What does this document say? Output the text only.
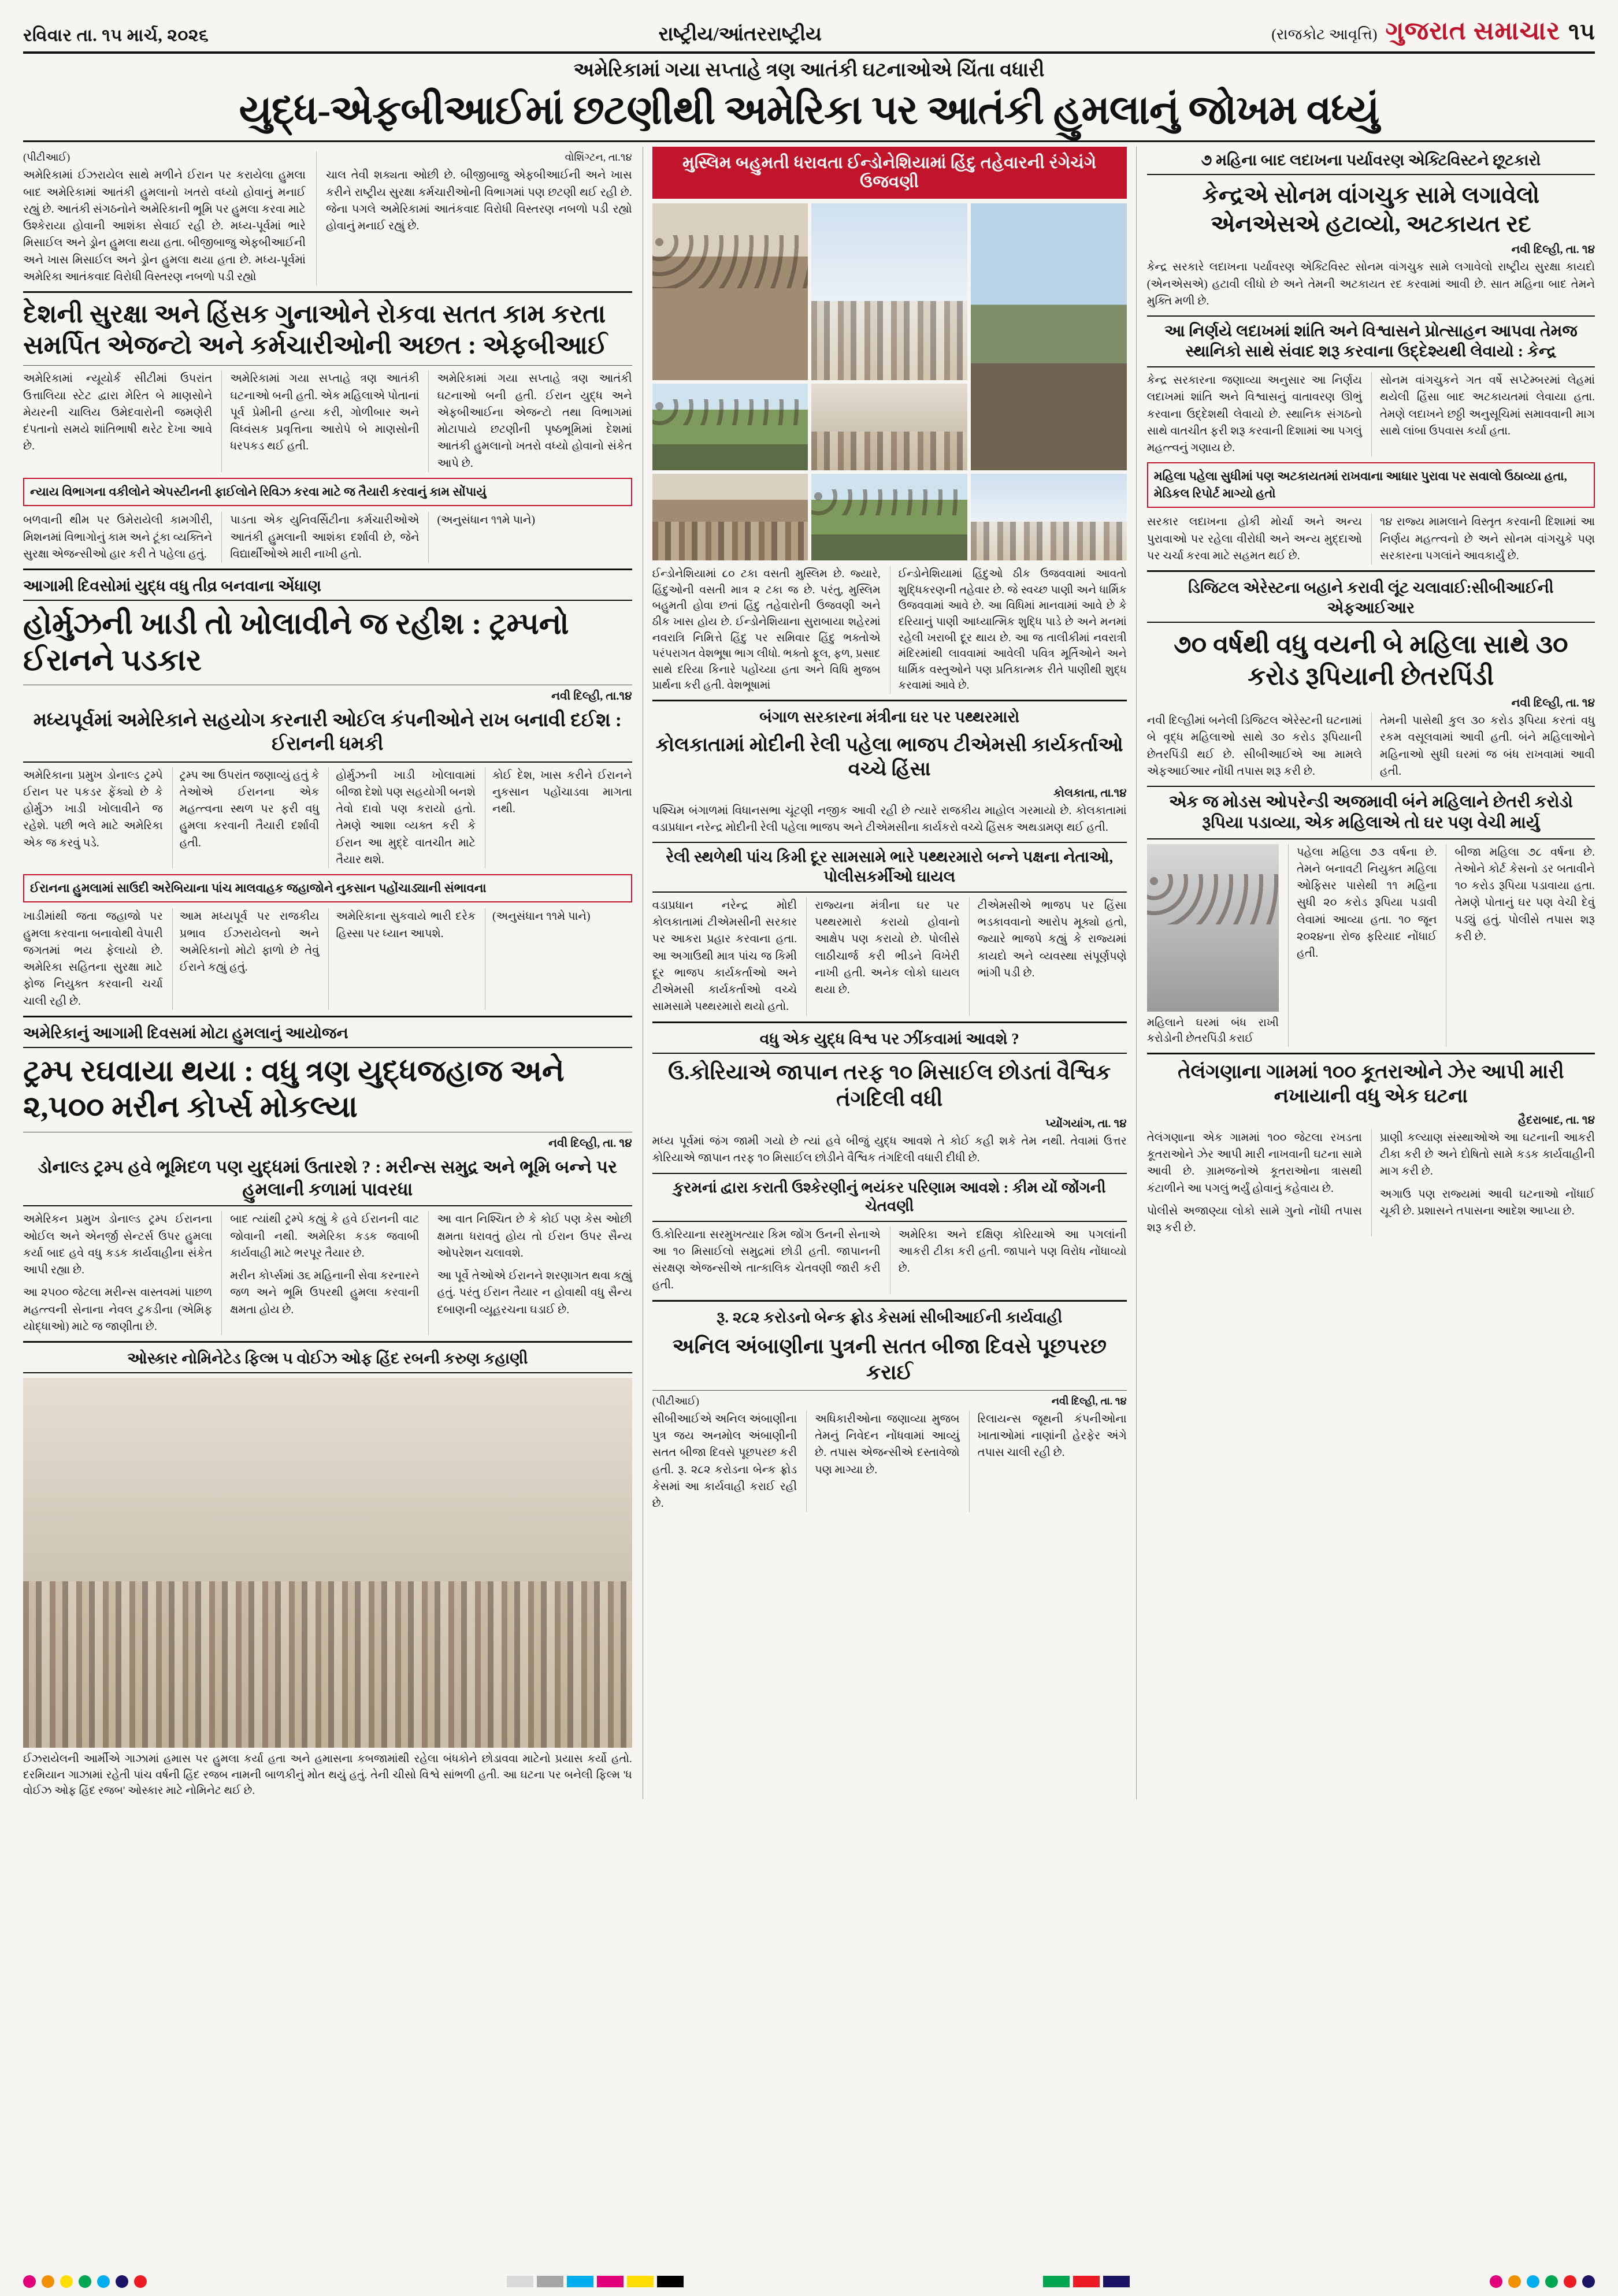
રવિવાર તા. ૧૫ માર્ચ, ૨૦૨૬	રાષ્ટ્રીય/આંતરરાષ્ટ્રીય	(રાજકોટ આવૃત્તિ) ગુજરાત સમાચાર ૧૫
અમેરિકામાં ગયા સપ્તાહે ત્રણ આતંકી ઘટનાઓએ ચિંતા વધારી
યુદ્ધ-એફબીઆઈમાં છટણીથી અમેરિકા પર આતંકી હુમલાનું જોખમ વધ્યું
(પીટીઆઈ)
અમેરિકામાં ઈઝરાયેલ સાથે મળીને ઈરાન પર કરાયેલા હુમલા બાદ અમેરિકામાં આતંકી હુમલાનો ખતરો વધ્યો હોવાનું મનાઈ રહ્યું છે. આતંકી સંગઠનોને અમેરિકાની ભૂમિ પર હુમલા કરવા માટે ઉશ્કેરાયા હોવાની આશંકા સેવાઈ રહી છે. મધ્ય-પૂર્વમાં ભારે મિસાઈલ અને ડ્રોન હુમલા થયા હતા. બીજીબાજુ એફબીઆઈની અને ખાસ મિસાઈલ અને ડ્રોન હુમલા થયા હતા છે. મધ્ય-પૂર્વમાં અમેરિકા આતંકવાદ વિરોધી વિસ્તરણ નબળો પડી રહ્યો
વોશિંગ્ટન, તા.૧૪
ચાલ તેવી શક્યતા ઓછી છે. બીજીબાજુ એફબીઆઈની અને ખાસ કરીને રાષ્ટ્રીય સુરક્ષા કર્મચારીઓની વિભાગમાં પણ છટણી થઈ રહી છે. જેના પગલે અમેરિકામાં આતંકવાદ વિરોધી વિસ્તરણ નબળો પડી રહ્યો હોવાનું મનાઈ રહ્યું છે.
દેશની સુરક્ષા અને હિંસક ગુનાઓને રોકવા સતત કામ કરતા સમર્પિત એજન્ટો અને કર્મચારીઓની અછત : એફબીઆઈ
અમેરિકામાં ન્યૂયોર્ક સીટીમાં ઉપરાંત ઉત્તાલિયા સ્ટેટ દ્વારા મેરિત બે માણસોને મેયરની ચાલિય ઉમેદવારોની જમણેરી દંપતાનો સમયે શાંતિભાષી થરેટ દેખા આવે છે.
અમેરિકામાં ગયા સપ્તાહે ત્રણ આતંકી ઘટનાઓ બની હતી. એક મહિલાએ પોતાનાં પૂર્વ પ્રેમીની હત્યા કરી, ગોળીબાર અને વિધ્વંસક પ્રવૃત્તિના આરોપે બે માણસોની ધરપકડ થઈ હતી.
અમેરિકામાં ગયા સપ્તાહે ત્રણ આતંકી ઘટનાઓ બની હતી. ઈરાન યુદ્ધ અને એફબીઆઈના એજન્ટો તથા વિભાગમાં મોટાપાયે છટણીની પૃષ્ઠભૂમિમાં દેશમાં આતંકી હુમલાનો ખતરો વધ્યો હોવાનો સંકેત આપે છે.
ન્યાય વિભાગના વકીલોને એપસ્ટીનની ફાઈલોને રિવિઝ કરવા માટે જ તૈયારી કરવાનું કામ સોંપાયું
બળવાની થીમ પર ઉમેરાયેલી કામગીરી, મિશનમાં વિભાગોનું કામ અને ટૂંકા વ્યક્તિને સુરક્ષા એજન્સીઓ હાર કરી તે પહેલા હતું.
પાડતા એક યુનિવર્સિટીના કર્મચારીઓએ આતંકી હુમલાની આશંકા દર્શાવી છે, જેને વિદ્યાર્થીઓએ મારી નાખી હતો.
(અનુસંધાન ૧૧મે પાને)
આગામી દિવસોમાં યુદ્ધ વધુ તીવ્ર બનવાના એંધાણ
હોર્મુઝની ખાડી તો ખોલાવીને જ રહીશ : ટ્રમ્પનો ઈરાનને પડકાર
નવી દિલ્હી, તા.૧૪
મધ્યપૂર્વમાં અમેરિકાને સહયોગ કરનારી ઓઈલ કંપનીઓને રાખ બનાવી દઈશ : ઈરાનની ધમકી
અમેરિકાના પ્રમુખ ડોનાલ્ડ ટ્રમ્પે ઈરાન પર પકડર ફેંક્યો છે કે હોર્મુઝ ખાડી ખોલાવીને જ રહેશે. પછી ભલે માટે અમેરિકા એક જ કરવું પડે.
ટ્રમ્પ આ ઉપરાંત જણાવ્યું હતું કે તેઓએ ઈરાનના એક મહત્ત્વના સ્થળ પર ફરી વધુ હુમલા કરવાની તૈયારી દર્શાવી હતી.
હોર્મુઝની ખાડી ખોલાવામાં બીજા દેશો પણ સહયોગી બનશે તેવો દાવો પણ કરાયો હતો. તેમણે આશા વ્યક્ત કરી કે ઈરાન આ મુદ્દે વાતચીત માટે તૈયાર થશે.
કોઈ દેશ, ખાસ કરીને ઈરાનને નુકસાન પહોંચાડવા માગતા નથી.
ઈરાનના હુમલામાં સાઉદી અરેબિયાના પાંચ માલવાહક જહાજોને નુકસાન પહોંચાડ્યાની સંભાવના
ખાડીમાંથી જતા જહાજો પર હુમલા કરવાના બનાવોથી વેપારી જગતમાં ભય ફેલાયો છે. અમેરિકા સહિતના સુરક્ષા માટે ફોજ નિયુક્ત કરવાની ચર્ચા ચાલી રહી છે.
આમ મધ્યપૂર્વ પર રાજકીય પ્રભાવ ઈઝરાયેલનો અને અમેરિકાનો મોટો ફાળો છે તેવું ઈરાને કહ્યું હતું.
અમેરિકાના સુકવાયે ભારી દરેક હિસ્સા પર ધ્યાન આપશે.
(અનુસંધાન ૧૧મે પાને)
અમેરિકાનું આગામી દિવસમાં મોટા હુમલાનું આયોજન
ટ્રમ્પ રઘવાયા થયા : વધુ ત્રણ યુદ્ધજહાજ અને ૨,૫૦૦ મરીન કોર્પ્સ મોકલ્યા
નવી દિલ્હી, તા. ૧૪
ડોનાલ્ડ ટ્રમ્પ હવે ભૂમિદળ પણ યુદ્ધમાં ઉતારશે ? : મરીન્સ સમુદ્ર અને ભૂમિ બન્ને પર હુમલાની કળામાં પાવરધા
અમેરિકન પ્રમુખ ડોનાલ્ડ ટ્રમ્પ ઈરાનના ઓઈલ અને એનર્જી સેન્ટર્સ ઉપર હુમલા કર્યા બાદ હવે વધુ કડક કાર્યવાહીના સંકેત આપી રહ્યા છે.
આ ૨૫૦૦ જેટલા મરીન્સ વાસ્તવમાં પાછળ મહત્ત્વની સેનાના નેવલ ટુકડીના (એમિફ યોદ્ધાઓ) માટે જ જાણીતા છે.
બાદ ત્યાંથી ટ્રમ્પે કહ્યું કે હવે ઈરાનની વાટ જોવાની નથી. અમેરિકા કડક જવાબી કાર્યવાહી માટે ભરપૂર તૈયાર છે.
મરીન કોર્પ્સમાં ૩૬ મહિનાની સેવા કરનારને જળ અને ભૂમિ ઉપરથી હુમલા કરવાની ક્ષમતા હોય છે.
આ વાત નિશ્ચિત છે કે કોઈ પણ કેસ ઓછી ક્ષમતા ધરાવતું હોય તો ઈરાન ઉપર સૈન્ય ઓપરેશન ચલાવશે.
આ પૂર્વે તેઓએ ઈરાનને શરણાગત થવા કહ્યું હતું. પરંતુ ઈરાન તૈયાર ન હોવાથી વધુ સૈન્ય દબાણની વ્યૂહરચના ઘડાઈ છે.
ઓસ્કાર નોમિનેટેડ ફિલ્મ ૫ વોઈઝ ઓફ હિંદ રબની કરુણ કહાણી
ઈઝરાયેલની આર્મીએ ગાઝામાં હમાસ પર હુમલા કર્યા હતા અને હમાસના કબજામાંથી રહેલા બંધકોને છોડાવવા માટેનો પ્રયાસ કર્યો હતો. દરમિયાન ગાઝામાં રહેતી પાંચ વર્ષની હિંદ રજબ નામની બાળકીનું મોત થયું હતું. તેની ચીસો વિશ્વે સાંભળી હતી. આ ઘટના પર બનેલી ફિલ્મ 'ધ વોઈઝ ઓફ હિંદ રજબ' ઓસ્કાર માટે નોમિનેટ થઈ છે.
મુસ્લિમ બહુમતી ધરાવતા ઈન્ડોનેશિયામાં હિંદુ તહેવારની રંગેચંગે ઉજવણી
ઈન્ડોનેશિયામાં ૮૦ ટકા વસતી મુસ્લિમ છે. જ્યારે, હિંદુઓની વસતી માત્ર ૨ ટકા જ છે. પરંતુ, મુસ્લિમ બહુમતી હોવા છતાં હિંદુ તહેવારોની ઉજવણી અને ઠીક ખાસ હોય છે. ઈન્ડોનેશિયાના સુરાબાયા શહેરમાં નવરાત્રિ નિમિત્તે હિંદુ પર સમિવાર હિંદુ ભક્તોએ પરંપરાગત વેશભૂષા ભાગ લીધો. ભક્તો ફૂલ, ફળ, પ્રસાદ સાથે દરિયા કિનારે પહોંચ્યા હતા અને વિધિ મુજબ પ્રાર્થના કરી હતી. વેશભૂષામાં
ઈન્ડોનેશિયામાં હિંદુઓ ઠીક ઉજવવામાં આવતો શુદ્ધિકરણની તહેવાર છે. જે સ્વચ્છ પાણી અને ધાર્મિક ઉજવવામાં આવે છે. આ વિધિમાં માનવામાં આવે છે કે દરિયાનું પાણી આધ્યાત્મિક શુદ્ધિ પાડે છે અને મનમાં રહેલી ખરાબી દૂર થાય છે. આ જ તાલીકીમાં નવરાત્રી મંદિરમાંથી લાવવામાં આવેલી પવિત્ર મૂર્તિઓને અને ધાર્મિક વસ્તુઓને પણ પ્રતિકાત્મક રીતે પાણીથી શુદ્ધ કરવામાં આવે છે.
બંગાળ સરકારના મંત્રીના ઘર પર પથ્થરમારો
કોલકાતામાં મોદીની રેલી પહેલા ભાજપ ટીએમસી કાર્યકર્તાઓ વચ્ચે હિંસા
કોલકાતા, તા.૧૪
પશ્ચિમ બંગાળમાં વિધાનસભા ચૂંટણી નજીક આવી રહી છે ત્યારે રાજકીય માહોલ ગરમાયો છે. કોલકાતામાં વડાપ્રધાન નરેન્દ્ર મોદીની રેલી પહેલા ભાજપ અને ટીએમસીના કાર્યકરો વચ્ચે હિંસક અથડામણ થઈ હતી.
રેલી સ્થળેથી પાંચ કિમી દૂર સામસામે ભારે પથ્થરમારો બન્ને પક્ષના નેતાઓ, પોલીસકર્મીઓ ઘાયલ
વડાપ્રધાન નરેન્દ્ર મોદી કોલકાતામાં ટીએમસીની સરકાર પર આકરા પ્રહાર કરવાના હતા. આ અગાઉથી માત્ર પાંચ જ કિમી દૂર ભાજપ કાર્યકર્તાઓ અને ટીએમસી કાર્યકર્તાઓ વચ્ચે સામસામે પથ્થરમારો થયો હતો.
રાજ્યના મંત્રીના ઘર પર પથ્થરમારો કરાયો હોવાનો આક્ષેપ પણ કરાયો છે. પોલીસે લાઠીચાર્જ કરી ભીડને વિખેરી નાખી હતી. અનેક લોકો ઘાયલ થયા છે.
ટીએમસીએ ભાજપ પર હિંસા ભડકાવવાનો આરોપ મૂક્યો હતો, જ્યારે ભાજપે કહ્યું કે રાજ્યમાં કાયદો અને વ્યવસ્થા સંપૂર્ણપણે ભાંગી પડી છે.
વધુ એક યુદ્ધ વિશ્વ પર ઝીંકવામાં આવશે ?
ઉ.કોરિયાએ જાપાન તરફ ૧૦ મિસાઈલ છોડતાં વૈશ્વિક તંગદિલી વધી
પ્યોંગયાંગ, તા. ૧૪
મધ્ય પૂર્વમાં જંગ જામી ગયો છે ત્યાં હવે બીજું યુદ્ધ આવશે તે કોઈ કહી શકે તેમ નથી. તેવામાં ઉત્તર કોરિયાએ જાપાન તરફ ૧૦ મિસાઈલ છોડીને વૈશ્વિક તંગદિલી વધારી દીધી છે.
કુરમનાં દ્વારા કરાતી ઉશ્કેરણીનું ભયંકર પરિણામ આવશે : કીમ યોં જોંગની ચેતવણી
ઉ.કોરિયાના સરમુખત્યાર કિમ જોંગ ઉનની સેનાએ આ ૧૦ મિસાઈલો સમુદ્રમાં છોડી હતી. જાપાનની સંરક્ષણ એજન્સીએ તાત્કાલિક ચેતવણી જારી કરી હતી.
અમેરિકા અને દક્ષિણ કોરિયાએ આ પગલાંની આકરી ટીકા કરી હતી. જાપાને પણ વિરોધ નોંધાવ્યો છે.
રૂ. ૨૮૨ કરોડનો બેન્ક ફ્રોડ કેસમાં સીબીઆઈની કાર્યવાહી
અનિલ અંબાણીના પુત્રની સતત બીજા દિવસે પૂછપરછ કરાઈ
(પીટીઆઈ)	નવી દિલ્હી, તા. ૧૪
સીબીઆઈએ અનિલ અંબાણીના પુત્ર જય અનમોલ અંબાણીની સતત બીજા દિવસે પૂછપરછ કરી હતી. રૂ. ૨૮૨ કરોડના બેન્ક ફ્રોડ કેસમાં આ કાર્યવાહી કરાઈ રહી છે.
અધિકારીઓના જણાવ્યા મુજબ તેમનું નિવેદન નોંધવામાં આવ્યું છે. તપાસ એજન્સીએ દસ્તાવેજો પણ માગ્યા છે.
રિલાયન્સ જૂથની કંપનીઓના ખાતાઓમાં નાણાંની હેરફેર અંગે તપાસ ચાલી રહી છે.
૭ મહિના બાદ લદાખના પર્યાવરણ એક્ટિવિસ્ટને છૂટકારો
કેન્દ્રએ સોનમ વાંગચુક સામે લગાવેલો એનએસએ હટાવ્યો, અટકાયત રદ
નવી દિલ્હી, તા. ૧૪
કેન્દ્ર સરકારે લદાખના પર્યાવરણ એક્ટિવિસ્ટ સોનમ વાંગચુક સામે લગાવેલો રાષ્ટ્રીય સુરક્ષા કાયદો (એનએસએ) હટાવી લીધો છે અને તેમની અટકાયત રદ કરવામાં આવી છે. સાત મહિના બાદ તેમને મુક્તિ મળી છે.
આ નિર્ણયે લદાખમાં શાંતિ અને વિશ્વાસને પ્રોત્સાહન આપવા તેમજ સ્થાનિકો સાથે સંવાદ શરૂ કરવાના ઉદ્દેશ્યથી લેવાયો : કેન્દ્ર
કેન્દ્ર સરકારના જણાવ્યા અનુસાર આ નિર્ણય લદાખમાં શાંતિ અને વિશ્વાસનું વાતાવરણ ઊભું કરવાના ઉદ્દેશથી લેવાયો છે. સ્થાનિક સંગઠનો સાથે વાતચીત ફરી શરૂ કરવાની દિશામાં આ પગલું મહત્ત્વનું ગણાય છે.
સોનમ વાંગચુકને ગત વર્ષે સપ્ટેમ્બરમાં લેહમાં થયેલી હિંસા બાદ અટકાયતમાં લેવાયા હતા. તેમણે લદાખને છઠ્ઠી અનુસૂચિમાં સમાવવાની માગ સાથે લાંબા ઉપવાસ કર્યા હતા.
મહિલા પહેલા સુધીમાં પણ અટકાયતમાં રાખવાના આધાર પુરાવા પર સવાલો ઉઠાવ્યા હતા, મેડિકલ રિપોર્ટ માગ્યો હતો
સરકાર લદાખના હોકી મોર્ચા અને અન્ય પુરાવાઓ પર રહેલા વીરોધી અને અન્ય મુદ્દાઓ પર ચર્ચા કરવા માટે સહમત થઈ છે.
૧૪ રાજ્ય મામલાને વિસ્તૃત કરવાની દિશામાં આ નિર્ણય મહત્ત્વનો છે અને સોનમ વાંગચુકે પણ સરકારના પગલાંને આવકાર્યું છે.
ડિજિટલ એરેસ્ટના બહાને કરાવી લૂંટ ચલાવાઈ:સીબીઆઈની એફઆઈઆર
૭૦ વર્ષથી વધુ વયની બે મહિલા સાથે ૩૦ કરોડ રૂપિયાની છેતરપિંડી
નવી દિલ્હી, તા. ૧૪
નવી દિલ્હીમાં બનેલી ડિજિટલ એરેસ્ટની ઘટનામાં બે વૃદ્ધ મહિલાઓ સાથે ૩૦ કરોડ રૂપિયાની છેતરપિંડી થઈ છે. સીબીઆઈએ આ મામલે એફઆઈઆર નોંધી તપાસ શરૂ કરી છે.
તેમની પાસેથી કુલ ૩૦ કરોડ રૂપિયા કરતાં વધુ રકમ વસૂલવામાં આવી હતી. બંને મહિલાઓને મહિનાઓ સુધી ઘરમાં જ બંધ રાખવામાં આવી હતી.
એક જ મોડસ ઓપરેન્ડી અજમાવી બંને મહિલાને છેતરી કરોડો રૂપિયા પડાવ્યા, એક મહિલાએ તો ઘર પણ વેચી માર્યુ
મહિલાને ઘરમાં બંધ રાખી કરોડોની છેતરપિંડી કરાઈ
પહેલા મહિલા ૭૩ વર્ષના છે. તેમને બનાવટી નિયુક્ત મહિલા ઓફિસર પાસેથી ૧૧ મહિના સુધી ૨૦ કરોડ રૂપિયા પડાવી લેવામાં આવ્યા હતા. ૧૦ જૂન ૨૦૨૪ના રોજ ફરિયાદ નોંધાઈ હતી.
બીજા મહિલા ૭૮ વર્ષના છે. તેઓને કોર્ટ કેસનો ડર બતાવીને ૧૦ કરોડ રૂપિયા પડાવાયા હતા. તેમણે પોતાનું ઘર પણ વેચી દેવું પડ્યું હતું. પોલીસે તપાસ શરૂ કરી છે.
તેલંગણાના ગામમાં ૧૦૦ કૂતરાઓને ઝેર આપી મારી નખાયાની વધુ એક ઘટના
હૈદરાબાદ, તા. ૧૪
તેલંગણાના એક ગામમાં ૧૦૦ જેટલા રખડતા કૂતરાઓને ઝેર આપી મારી નાખવાની ઘટના સામે આવી છે. ગ્રામજનોએ કૂતરાઓના ત્રાસથી કંટાળીને આ પગલું ભર્યું હોવાનું કહેવાય છે.
પોલીસે અજાણ્યા લોકો સામે ગુનો નોંધી તપાસ શરૂ કરી છે.
પ્રાણી કલ્યાણ સંસ્થાઓએ આ ઘટનાની આકરી ટીકા કરી છે અને દોષિતો સામે કડક કાર્યવાહીની માગ કરી છે.
અગાઉ પણ રાજ્યમાં આવી ઘટનાઓ નોંધાઈ ચૂકી છે. પ્રશાસને તપાસના આદેશ આપ્યા છે.
